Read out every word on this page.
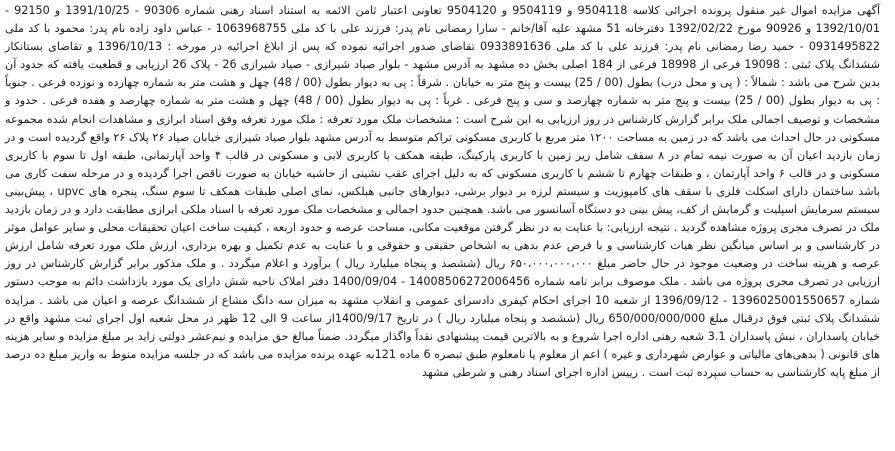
آگهی مزایده اموال غیر منقول پرونده اجرائی کلاسه 9504118 و 9504119 و 9504120 تعاونی اعتبار ثامن الائمه به استناد اسناد رهنی شماره 90306 - 1391/10/25 و 92150 - 1392/10/01 و 90926 مورخ 1392/02/22 دفترخانه 51 مشهد علیه آقا/خانم - سارا رمضانی نام پدر: فرزند علی با کد ملی 1063968755 - عباس داود زاده نام پدر: محمود با کد ملی 0931495822 - حمید رضا رمضانی نام پدر: فرزند علی با کد ملی 0933891636 تقاضای صدور اجرائیه نموده که پس از ابلاغ اجرائیه در مورخه : 1396/10/13 و تقاضای بستانکار ششدانگ پلاک ثبتی : 19098 فرعی از 18998 فرعی از 184 اصلی بخش ده مشهد به آدرس مشهد - بلوار صیاد شیرازی - صیاد شیرازی 26 - پلاک 26 ارزیابی و قطعیت یافته که حدود آن بدین شرح می باشد : شمالاً : ( پی و محل درب) بطول (00 / 25) بیست و پنج متر به خیابان . شرقاً : پی به دیوار بطول (00 / 48) چهل و هشت متر به شماره چهارده و نوزده فرعی . جنوباً : پی به دیوار بطول (00 / 25) بیست و پنج متر به شماره چهارصد و سی و پنج فرعی . غرباً : پی به دیوار بطول (00 / 48) چهل و هشت متر به شماره چهارصد و هفده فرعی . حدود و مشخصات و توصیف اجمالی ملک برابر گزارش کارشناس در روز ارزیابی به این شرح است : مشخصات ملک مورد تعرفه : ملک مورد تعرفه وفق اسناد ابرازی و مشاهدات انجام شده مجموعه مسکونی در حال احداث می باشد که در زمین به مساحت ۱۲۰۰ متر مربع با کاربری مسکونی تراکم متوسط به آدرس مشهد بلوار صیاد شیرازی خیابان صیاد ۲۶ پلاک ۲۶ واقع گردیده است و در زمان بازدید اعیان آن به صورت نیمه تمام در ۸ سقف شامل زیر زمین با کاربری پارکینگ، طبقه همکف با کاربری لابی و مسکونی در قالب ۴ واحد آپارتمانی، طبقه اول تا سوم با کاربری مسکونی و در قالب ۶ واحد آپارتمان ، و طبقات چهارم تا ششم با کاربری مسکونی که به دلیل اجرای عقب نشینی از حاشیه خیابان به صورت ناقص اجرا گردیده و در مرحله سفت کاری می باشد ساختمان دارای اسکلت فلزی با سقف های کامپوزیت و سیستم لرزه بر دیوار برشی، دیوارهای جانبی هبلکس، نمای اصلی طبقات همکف تا سوم سنگ، پنجره های upvc ، پیش‌بینی سیستم سرمایش اسپلیت و گرمایش از کف، پیش بینی دو دستگاه آسانسور می باشد. همچنین حدود اجمالی و مشخصات ملک مورد تعرفه با اسناد ملکی ابرازی مطابقت دارد و در زمان بازدید ملک در تصرف مجری پروژه مشاهده گردید . نتیجه ارزیابی: با عنایت به در نظر گرفتن موقعیت مکانی، مساحت عرصه و حدود اربعه ، کیفیت ساخت اعیان تحقیقات محلی و سایر عوامل موثر در کارشناسی و بر اساس میانگین نظر هیات کارشناسی و با فرض عدم بدهی به اشخاص حقیقی و حقوقی و با عنایت به عدم تکمیل و بهره برداری، ارزش ملک مورد تعرفه شامل ارزش عرصه و هزینه ساخت در وضعیت موجود در حال حاضر مبلغ ۶۵۰،۰۰۰،۰۰۰،۰۰۰ ریال (ششصد و پنجاه میلیارد ریال ) برآورد و اعلام میگردد . و ملک مذکور برابر گزارش کارشناس در روز ارزیابی در تصرف مجری پروژه می باشد . ملک موصوف برابر نامه شماره 14008506272006456 - 1400/09/04 دفتر املاک ناحیه شش دارای یک مورد بازداشت دائم به موجب دستور شماره 1396025001550657 - 1396/09/12 از شعبه 10 اجرای احکام کیفری دادسرای عمومی و انقلاب مشهد به میزان سه دانگ مشاع از ششدانگ عرصه و اعیان می باشد . مزایده ششدانگ پلاک ثبتی فوق درقبال مبلغ 650/000/000/000 ریال (ششصد و پنجاه میلیارد ریال ) در تاریخ 1400/9/17از ساعت 9 الی 12 ظهر در محل شعبه اول اجرای ثبت مشهد واقع در خیابان پاسداران ، نبش پاسداران 3.1 شعبه رهنی اداره اجرا شروع و به بالاترین قیمت پیشنهادی نقداً واگذار میگردد. ضمناً مبالغ حق مزایده و نیم‌عشر دولتی زاید بر مبلغ مزایده و سایر هزینه های قانونی ( بدهی‌های مالیاتی و عوارض شهرداری و غیره ) اعم از معلوم یا نامعلوم طبق تبصره 6 ماده 121به عهده برنده مزایده می باشد که در جلسه مزایده منوط به واریز مبلغ ده درصد از مبلغ پایه کارشناسی به حساب سپرده ثبت است . رییس اداره اجرای اسناد رهنی و شرطی مشهد
